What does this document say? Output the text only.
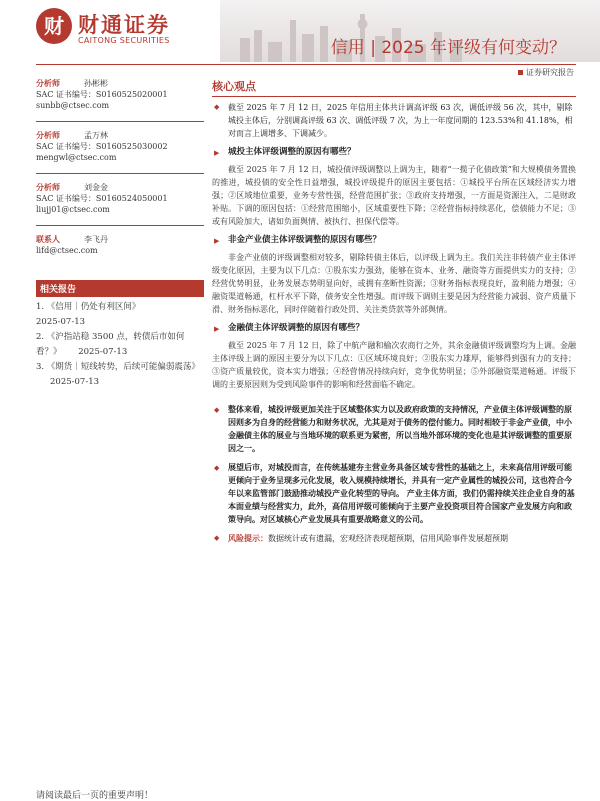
财 财通证券
CAITONG SECURITIES	信用 | 2025 年评级有何变动？
证券研究报告
分析师	孙彬彬
SAC 证书编号：S0160525020001
sunbb@ctsec.com
分析师	孟万林
SAC 证书编号：S0160525030002
mengwl@ctsec.com
分析师	刘金金
SAC 证书编号：S0160524050001
liujj01@ctsec.com
联系人	李飞丹
lifd@ctsec.com
相关报告
1. 《信用｜仍处有利区间》
2025-07-13
2. 《沪指站稳 3500 点，转债后市如何看？》 2025-07-13
3. 《期货｜短线转势，后续可能偏弱震荡》 2025-07-13
核心观点
◆ 截至 2025 年 7 月 12 日，2025 年信用主体共计调高评级 63 次，调低评级 56 次，其中，剔除城投主体后，分别调高评级 63 次、调低评级 7 次，为上一年度同期的 123.53%和 41.18%，相对而言上调增多、下调减少。
▶ 城投主体评级调整的原因有哪些？
截至 2025 年 7 月 12 日，城投债评级调整以上调为主，随着“一揽子化债政策”和大规模债务置换的推进，城投债的安全性日益增强，城投评级提升的原因主要包括：①城投平台所在区域经济实力增强；②区域地位重要，业务专营性强，经营范围扩张；③政府支持增强，一方面是资源注入，二是财政补贴。下调的原因包括：①经营范围缩小，区域重要性下降；②经营指标持续恶化，偿债能力不足；③或有风险加大，诸如负面舆情、被执行、担保代偿等。
▶ 非金产业债主体评级调整的原因有哪些？
非金产业债的评级调整相对较多，剔除转债主体后，以评级上调为主。我们关注非转债产业主体评级变化原因，主要为以下几点：①股东实力强劲，能够在资本、业务、融资等方面提供实力的支持；②经营优势明显，业务发展态势明显向好，或拥有垄断性资源；③财务指标表现良好，盈利能力增强；④融资渠道畅通，杠杆水平下降，债务安全性增强。而评级下调则主要是因为经营能力减弱、资产质量下滑、财务指标恶化，同时伴随着行政处罚、关注类贷款等外部舆情。
▶ 金融债主体评级调整的原因有哪些？
截至 2025 年 7 月 12 日，除了中航产融和榆次农商行之外，其余金融债评级调整均为上调。金融主体评级上调的原因主要分为以下几点：①区域环境良好；②股东实力雄厚，能够得到强有力的支持；③资产质量较优，资本实力增强；④经营情况持续向好，竞争优势明显；⑤外部融资渠道畅通。评级下调的主要原因则为受到风险事件的影响和经营面临不确定。
◆ 整体来看，城投评级更加关注于区域整体实力以及政府政策的支持情况，产业债主体评级调整的原因则多为自身的经营能力和财务状况，尤其是对于债务的偿付能力。同时相较于非金产业债，中小金融债主体的展业与当地环境的联系更为紧密，所以当地外部环境的变化也是其评级调整的重要原因之一。
◆ 展望后市，对城投而言，在传统基建夯主营业务具备区域专营性的基础之上，未来高信用评级可能更倾向于业务呈现多元化发展，收入规模持续增长，并具有一定产业属性的城投公司，这也符合今年以来监管部门鼓励推动城投产业化转型的导向。 产业主体方面，我们仍需持续关注企业自身的基本面业绩与经营实力，此外，高信用评级可能倾向于主要产业投资项目符合国家产业发展方向和政策导向。对区域核心产业发展具有重要战略意义的公司。
◆ 风险提示：数据统计或有遗漏，宏观经济表现超预期，信用风险事件发展超预期
请阅读最后一页的重要声明！
